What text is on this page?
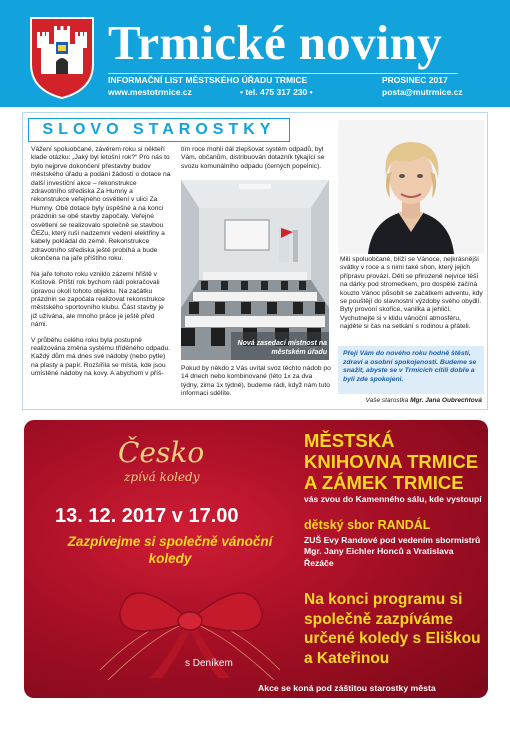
Trmické noviny
INFORMAČNÍ LIST MĚSTSKÉHO ÚŘADU TRMICE	PROSINEC 2017
www.mestotrmice.cz	• tel. 475 317 230 •	posta@mutrmice.cz
SLOVO STAROSTKY

Vážení spoluobčané, závěrem roku si někteří klade otázku: „Jaký byl letošní rok?“ Pro nás to bylo nejprve dokončení přestavby budov městského úřadu a podání žádostí o dotace na další investiční akce – rekonstrukce zdravotního střediska Za Humny a rekonstrukce veřejného osvětlení v ulici Za Humny. Obě dotace byly úspěšné a na konci prázdnin se obě stavby započaly. Veřejné osvětlení se realizovalo společně se stavbou ČEZu, který ruší nadzemní vedení elektřiny a kabely pokládal do země. Rekonstrukce zdravotního střediska ještě probíhá a bude ukončena na jaře příštího roku.

Na jaře tohoto roku vzniklo zázemí hřiště v Koštově. Příští rok bychom rádi pokračovali úpravou okolí tohoto objektu. Na začátku prázdnin se započala realizovat rekonstrukce městského sportovního klubu. Část stavby je již užívána, ale mnoho práce je ještě před námi.

V průběhu celého roku byla postupně realizována změna systému tříděného odpadu. Každý dům má dnes své nádoby (nebo pytle) na plasty a papír. Rozšířila se místa, kde jsou umístěné nádoby na kovy. A abychom v příš-

tím roce mohli dál zlepšovat systém odpadů, byl Vám, občanům, distribuován dotazník týkající se svozu komunálního odpadu (černých popelnic).
Nová zasedací místnost na městském úřadu
Pokud by někdo z Vás uvítal svoz těchto nádob po 14 dnech nebo kombinované (léto 1x za dva týdny, zima 1x týdně), budeme rádi, když nám tuto informaci sdělíte.
Milí spoluobčané, blíží se Vánoce, nejkrásnější svátky v roce a s nimi také shon, který jejich přípravu provází. Děti se přirozeně nejvíce těší na dárky pod stromečkem, pro dospělé začíná kouzlo Vánoc působit se začátkem adventu, kdy se pouštějí do slavnostní výzdoby svého obydlí. Byty provoní skořice, vanilka a jehličí. Vychutnejte si v klidu vánoční atmosféru, najděte si čas na setkání s rodinou a přáteli.
Přeji Vám do nového roku hodně štěstí, zdraví a osobní spokojenosti. Budeme se snažit, abyste se v Trmicích cítili dobře a byli zde spokojeni.
Vaše starostka Mgr. Jana Oubrechtová
Česko
zpívá koledy
13. 12. 2017 v 17.00
Zazpívejme si společně vánoční koledy
s Deníkem
MĚSTSKÁ KNIHOVNA TRMICE A ZÁMEK TRMICE
vás zvou do Kamenného sálu, kde vystoupí
dětský sbor RANDÁL
ZUŠ Evy Randové pod vedením sbormistrů Mgr. Jany Eichler Honců a Vratislava Řezáče
Na konci programu si společně zazpíváme určené koledy s Eliškou a Kateřinou
Akce se koná pod záštitou starostky města
